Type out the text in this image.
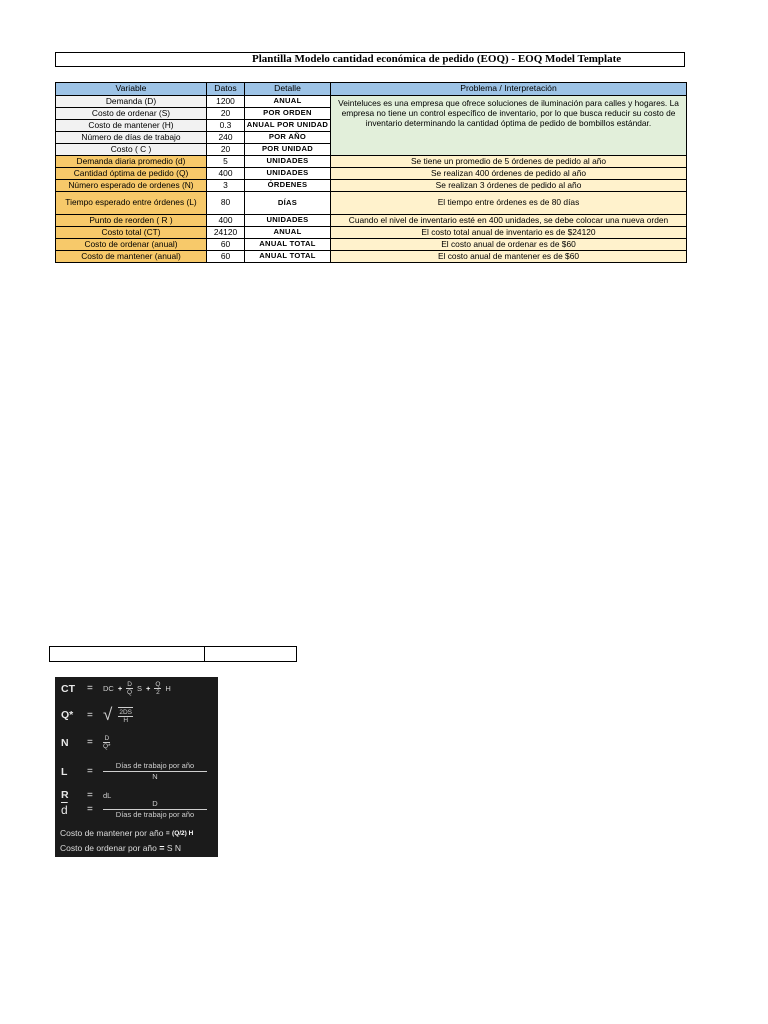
Plantilla Modelo cantidad económica de pedido (EOQ) - EOQ Model Template
Variable	Datos	Detalle	Problema / Interpretación
Demanda (D)	1200	ANUAL	Veinteluces es una empresa que ofrece soluciones de iluminación para calles y hogares. La empresa no tiene un control específico de inventario, por lo que busca reducir su costo de inventario determinando la cantidad óptima de pedido de bombillos estándar.
Costo de ordenar (S)	20	POR ORDEN	
Costo de mantener (H)	0.3	ANUAL POR UNIDAD	
Número de días de trabajo	240	POR AÑO	
Costo ( C )	20	POR UNIDAD	
Demanda diaria promedio (d)	5	UNIDADES	Se tiene un promedio de 5 órdenes de pedido al año
Cantidad óptima de pedido (Q)	400	UNIDADES	Se realizan 400 órdenes de pedido al año
Número esperado de ordenes (N)	3	ÓRDENES	Se realizan 3 órdenes de pedido al año
Tiempo esperado entre órdenes (L)	80	DÍAS	El tiempo entre órdenes es de 80 días
Punto de reorden ( R )	400	UNIDADES	Cuando el nivel de inventario esté en 400 unidades, se debe colocar una nueva orden
Costo total (CT)	24120	ANUAL	El costo total anual de inventario es de $24120
Costo de ordenar (anual)	60	ANUAL TOTAL	El costo anual de ordenar es de $60
Costo de mantener (anual)	60	ANUAL TOTAL	El costo anual de mantener es de $60
CT	=	DC + $\frac{D}{Q}$ $S + \frac{Q}{2}$ H
Q*	= √ $\frac{2DS}{H}$
N	=	$\frac{D}{Q*}$
L	=	$\frac{\text{Días de trabajo por año}}{N}$
R	=	dL
$\overline{d}$	=	$\frac{D}{\text{Días de trabajo por año}}$
Costo de mantener por año
=
(Q/2) H
Costo de ordenar por año
=
S N
